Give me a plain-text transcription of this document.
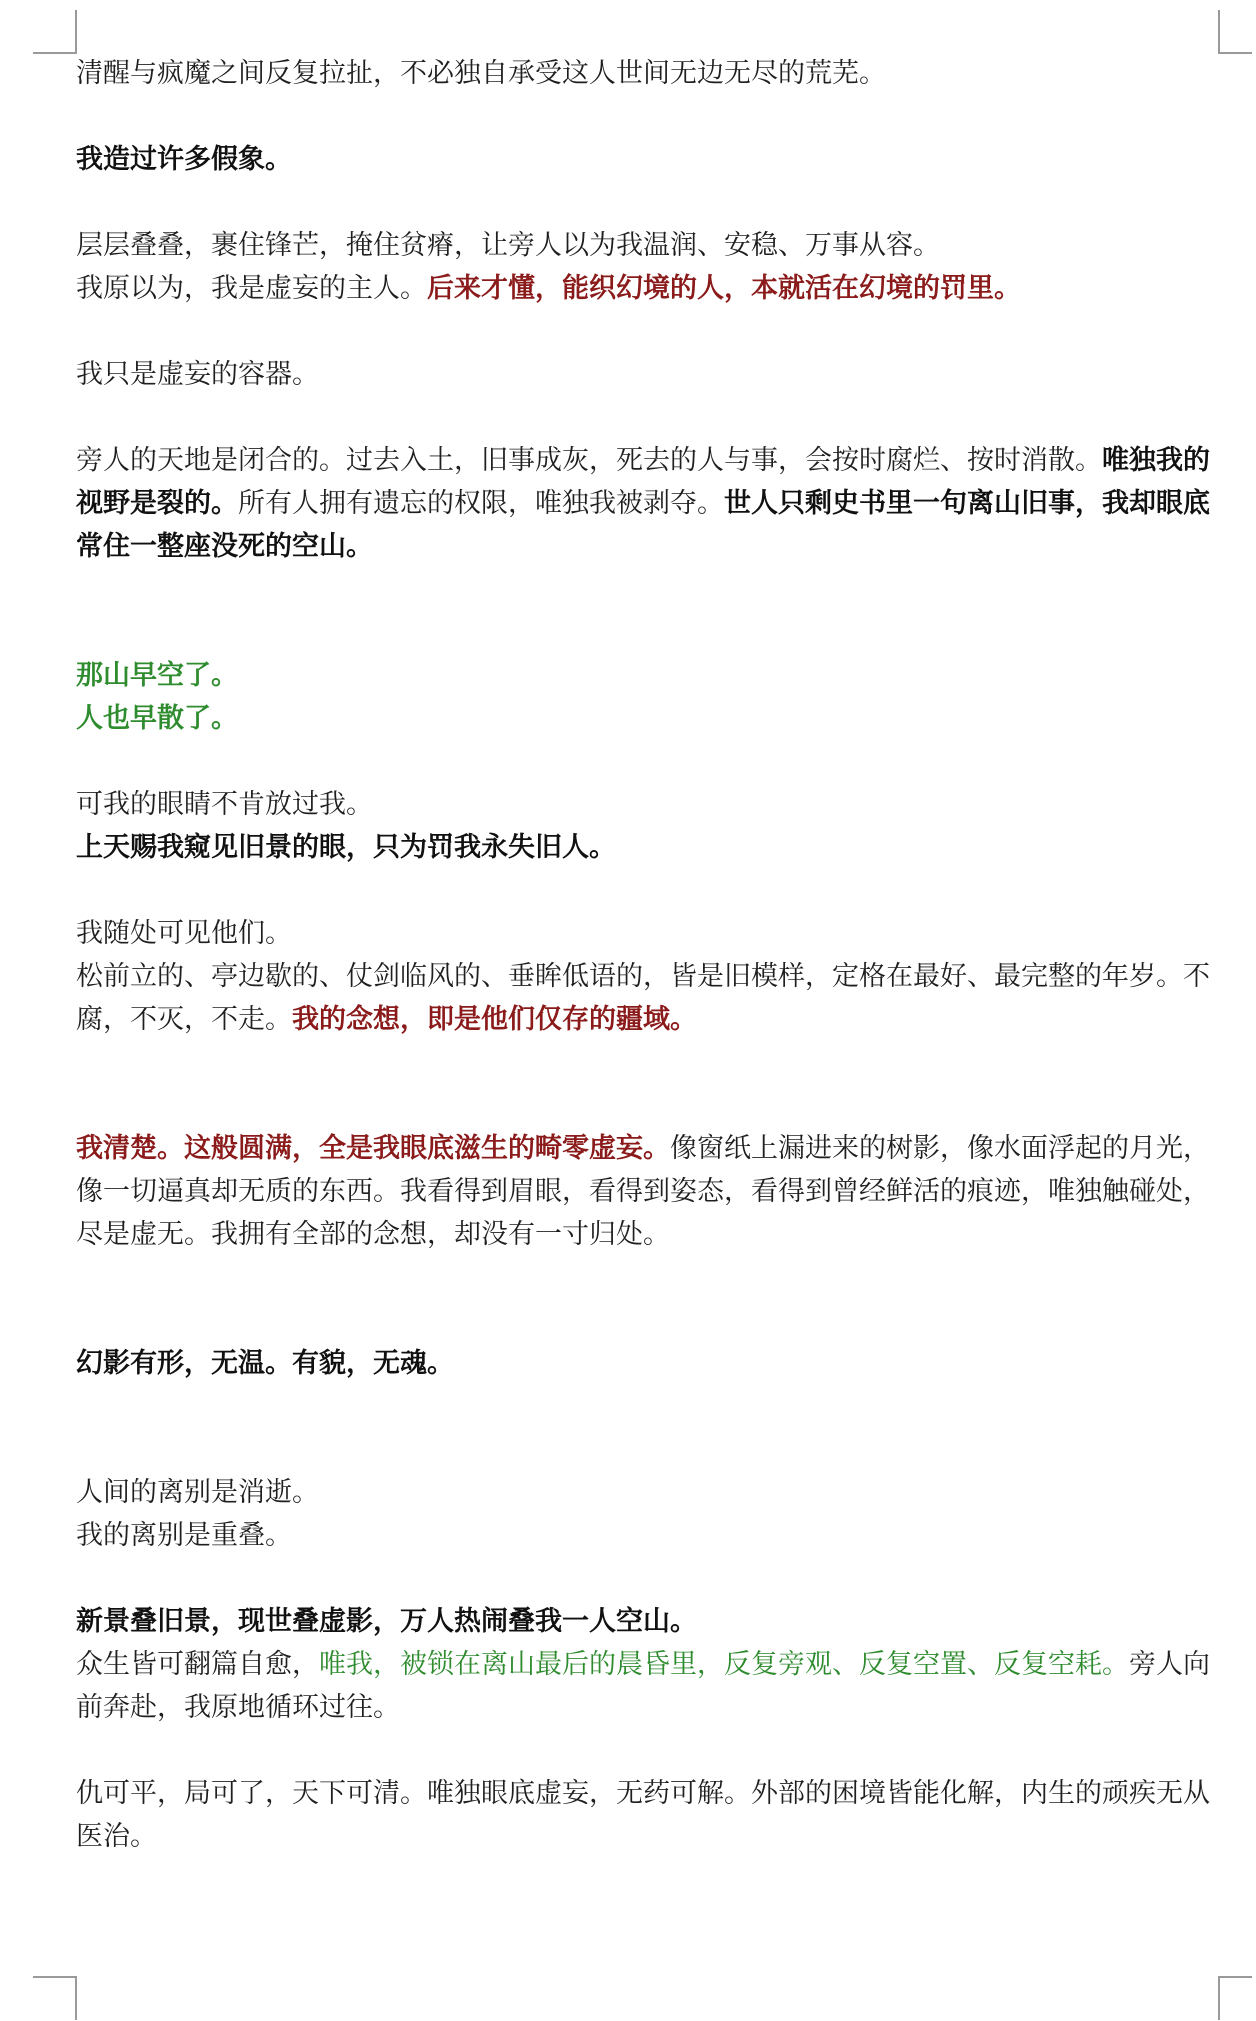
清醒与疯魔之间反复拉扯，不必独自承受这人世间无边无尽的荒芜。

我造过许多假象。

层层叠叠，裹住锋芒，掩住贫瘠，让旁人以为我温润、安稳、万事从容。
我原以为，我是虚妄的主人。后来才懂，能织幻境的人，本就活在幻境的罚里。

我只是虚妄的容器。

旁人的天地是闭合的。过去入土，旧事成灰，死去的人与事，会按时腐烂、按时消散。唯独我的视野是裂的。所有人拥有遗忘的权限，唯独我被剥夺。世人只剩史书里一句离山旧事，我却眼底常住一整座没死的空山。

那山早空了。
人也早散了。

可我的眼睛不肯放过我。
上天赐我窥见旧景的眼，只为罚我永失旧人。

我随处可见他们。
松前立的、亭边歇的、仗剑临风的、垂眸低语的，皆是旧模样，定格在最好、最完整的年岁。不腐，不灭，不走。我的念想，即是他们仅存的疆域。

我清楚。这般圆满，全是我眼底滋生的畸零虚妄。像窗纸上漏进来的树影，像水面浮起的月光，像一切逼真却无质的东西。我看得到眉眼，看得到姿态，看得到曾经鲜活的痕迹，唯独触碰处，尽是虚无。我拥有全部的念想，却没有一寸归处。

幻影有形，无温。有貌，无魂。

人间的离别是消逝。
我的离别是重叠。

新景叠旧景，现世叠虚影，万人热闹叠我一人空山。
众生皆可翻篇自愈，唯我，被锁在离山最后的晨昏里，反复旁观、反复空置、反复空耗。旁人向前奔赴，我原地循环过往。

仇可平，局可了，天下可清。唯独眼底虚妄，无药可解。外部的困境皆能化解，内生的顽疾无从医治。
